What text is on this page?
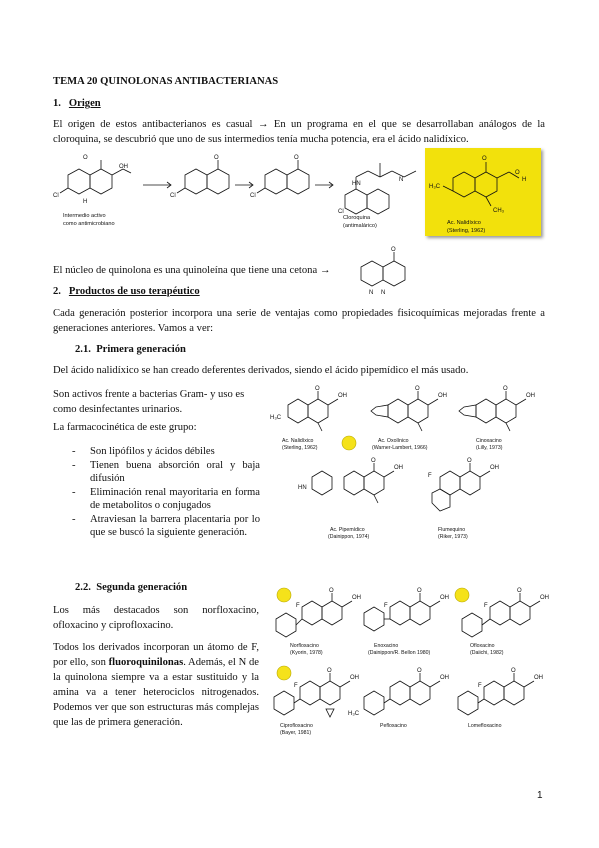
TEMA 20 QUINOLONAS ANTIBACTERIANAS

1. Origen

El origen de estos antibacterianos es casual → En un programa en el que se desarrollaban análogos de la cloroquina, se descubrió que uno de sus intermedios tenía mucha potencia, era el ácido nalidíxico.

O
OH
Cl
H
Cl
O
Cl
O
Cl
HN
N
Intermedio activo
como antimicrobiano
Cloroquina
(antimalárico)
O
O
H
H₃C
CH₃
Ac. Nalidíxico
(Sterling, 1962)

El núcleo de quinolona es una quinoleína que tiene una cetona →

O
N N

2. Productos de uso terapéutico

Cada generación posterior incorpora una serie de ventajas como propiedades fisicoquímicas mejoradas frente a generaciones anteriores. Vamos a ver:

2.1. Primera generación

Del ácido nalidíxico se han creado deferentes derivados, siendo el ácido pipemídico el más usado.

Son activos frente a bacterias Gram- y uso es como desinfectantes urinarios.

La farmacocinética de este grupo:

- Son lipófilos y ácidos débiles
- Tienen buena absorción oral y baja difusión
- Eliminación renal mayoritaria en forma de metabolitos o conjugados
- Atraviesan la barrera placentaria por lo que se buscó la siguiente generación.
O
OH
H₃C
O
OH
O
OH
O
OH
HN
O
OH
F
Ac. Nalidíxico
(Sterling, 1962)
Ac. Oxolínico
(Warner-Lambert, 1966)
Cinoxacino
(Lilly, 1973)
Ac. Pipemídico
(Dainippon, 1974)
Flumequino
(Riker, 1973)

2.2. Segunda generación

Los más destacados son norfloxacino, ofloxacino y ciprofloxacino.

Todos los derivados incorporan un átomo de F, por ello, son fluoroquinilonas. Además, el N de la quinolona siempre va a estar sustituido y la amina va a tener heterociclos nitrogenados. Podemos ver que son estructuras más complejas que las de primera generación.

O
OH
F
O
OH
F
O
OH
F
O
OH
F
O
OH
H₃C
O
OH
F
Norfloxacino
(Kyorin, 1978)
Enoxacino
(Dainippon/R. Bellon 1980)
Ofloxacino
(Daiichi, 1982)
Ciprofloxacino
(Bayer, 1981)
Pefloxacino	Lomefloxacino
1
